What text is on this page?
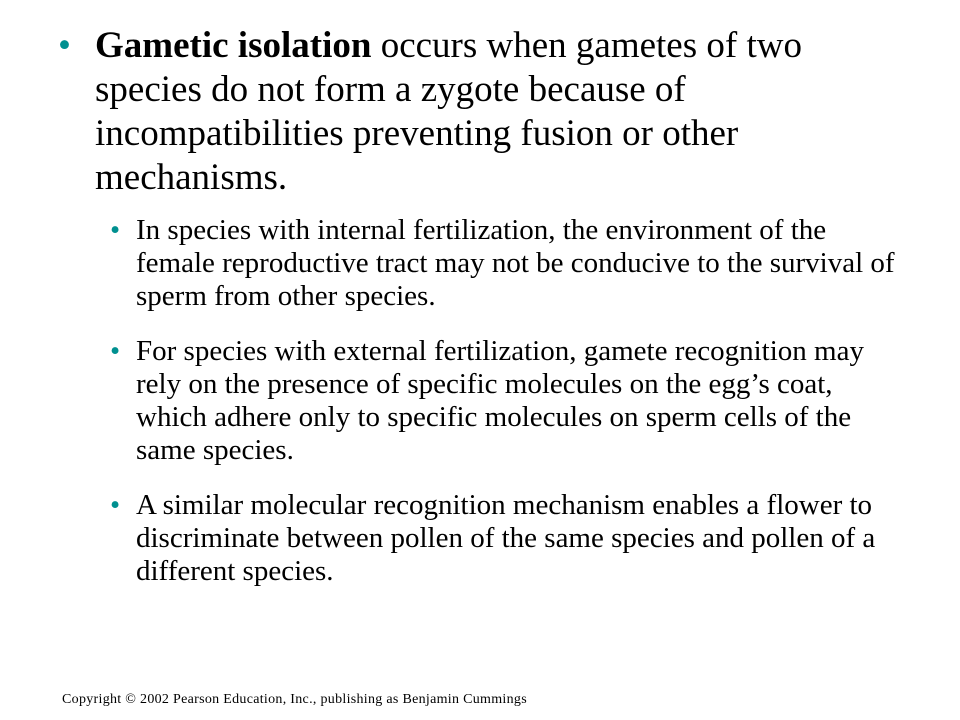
• Gametic isolation occurs when gametes of two species do not form a zygote because of incompatibilities preventing fusion or other mechanisms.
• In species with internal fertilization, the environment of the female reproductive tract may not be conducive to the survival of sperm from other species.
• For species with external fertilization, gamete recognition may rely on the presence of specific molecules on the egg’s coat, which adhere only to specific molecules on sperm cells of the same species.
• A similar molecular recognition mechanism enables a flower to discriminate between pollen of the same species and pollen of a different species.
Copyright © 2002 Pearson Education, Inc., publishing as Benjamin Cummings
